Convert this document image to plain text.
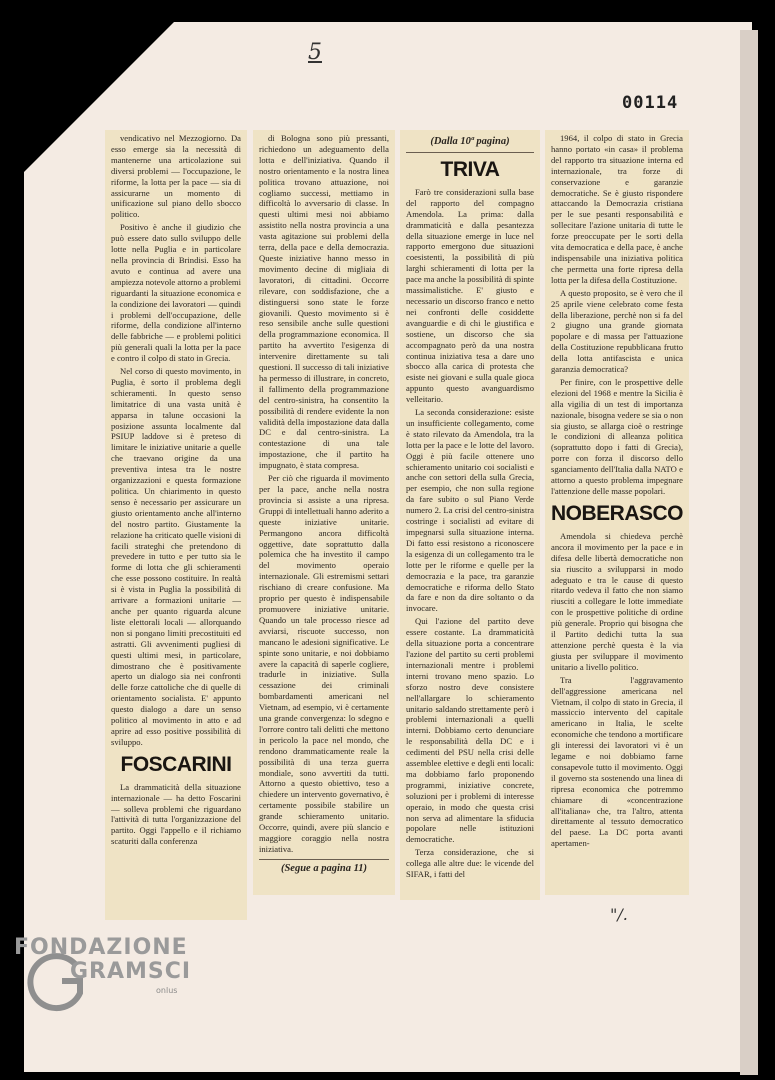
5
00114

vendicativo nel Mezzogiorno. Da esso emerge sia la necessità di mantenerne una articolazione sui diversi problemi — l'occupazione, le riforme, la lotta per la pace — sia di assicurarne un momento di unificazione sul piano dello sbocco politico.

Positivo è anche il giudizio che può essere dato sullo sviluppo delle lotte nella Puglia e in particolare nella provincia di Brindisi. Esso ha avuto e continua ad avere una ampiezza notevole attorno a problemi riguardanti la situazione economica e la condizione dei lavoratori — quindi i problemi dell'occupazione, delle riforme, della condizione all'interno delle fabbriche — e problemi politici più generali quali la lotta per la pace e contro il colpo di stato in Grecia.

Nel corso di questo movimento, in Puglia, è sorto il problema degli schieramenti. In questo senso limitatrice di una vasta unità è apparsa in talune occasioni la posizione assunta localmente dal PSIUP laddove si è preteso di limitare le iniziative unitarie a quelle che traevano origine da una preventiva intesa tra le nostre organizzazioni e questa formazione politica. Un chiarimento in questo senso è necessario per assicurare un giusto orientamento anche all'interno del nostro partito. Giustamente la relazione ha criticato quelle visioni di facili strateghi che pretendono di prevedere in tutto e per tutto sia le forme di lotta che gli schieramenti che esse possono costituire. In realtà si è vista in Puglia la possibilità di arrivare a formazioni unitarie — anche per quanto riguarda alcune liste elettorali locali — allorquando non si pongano limiti precostituiti ed astratti. Gli avvenimenti pugliesi di questi ultimi mesi, in particolare, dimostrano che è positivamente aperto un dialogo sia nei confronti delle forze cattoliche che di quelle di orientamento socialista. E' appunto questo dialogo a dare un senso politico al movimento in atto e ad aprire ad esso positive possibilità di sviluppo.

FOSCARINI

La drammaticità della situazione internazionale — ha detto Foscarini — solleva problemi che riguardano l'attività di tutta l'organizzazione del partito. Oggi l'appello e il richiamo scaturiti dalla conferenza

di Bologna sono più pressanti, richiedono un adeguamento della lotta e dell'iniziativa. Quando il nostro orientamento e la nostra linea politica trovano attuazione, noi cogliamo successi, mettiamo in difficoltà lo avversario di classe. In questi ultimi mesi noi abbiamo assistito nella nostra provincia a una vasta agitazione sui problemi della terra, della pace e della democrazia. Queste iniziative hanno messo in movimento decine di migliaia di lavoratori, di cittadini. Occorre rilevare, con soddisfazione, che a distinguersi sono state le forze giovanili. Questo movimento si è reso sensibile anche sulle questioni della programmazione economica. Il partito ha avvertito l'esigenza di intervenire direttamente su tali questioni. Il successo di tali iniziative ha permesso di illustrare, in concreto, il fallimento della programmazione del centro-sinistra, ha consentito la possibilità di rendere evidente la non validità della impostazione data dalla DC e dal centro-sinistra. La contestazione di una tale impostazione, che il partito ha impugnato, è stata compresa.

Per ciò che riguarda il movimento per la pace, anche nella nostra provincia si assiste a una ripresa. Gruppi di intellettuali hanno aderito a queste iniziative unitarie. Permangono ancora difficoltà oggettive, date soprattutto dalla polemica che ha investito il campo del movimento operaio internazionale. Gli estremismi settari rischiano di creare confusione. Ma proprio per questo è indispensabile promuovere iniziative unitarie. Quando un tale processo riesce ad avviarsi, riscuote successo, non mancano le adesioni significative. Le spinte sono unitarie, e noi dobbiamo avere la capacità di saperle cogliere, tradurle in iniziative. Sulla cessazione dei criminali bombardamenti americani nel Vietnam, ad esempio, vi è certamente una grande convergenza: lo sdegno e l'orrore contro tali delitti che mettono in pericolo la pace nel mondo, che rendono drammaticamente reale la possibilità di una terza guerra mondiale, sono avvertiti da tutti. Attorno a questo obiettivo, teso a chiedere un intervento governativo, è certamente possibile stabilire un grande schieramento unitario. Occorre, quindi, avere più slancio e maggiore coraggio nella nostra iniziativa.

(Segue a pagina 11)

(Dalla 10ª pagina)

TRIVA

Farò tre considerazioni sulla base del rapporto del compagno Amendola. La prima: dalla drammaticità e dalla pesantezza della situazione emerge in luce nel rapporto emergono due situazioni coesistenti, la possibilità di più larghi schieramenti di lotta per la pace ma anche la possibilità di spinte massimalistiche. E' giusto e necessario un discorso franco e netto nei confronti delle cosiddette avanguardie e di chi le giustifica e sostiene, un discorso che sia accompagnato però da una nostra continua iniziativa tesa a dare uno sbocco alla carica di protesta che esiste nei giovani e sulla quale gioca appunto questo avanguardismo velleitario.

La seconda considerazione: esiste un insufficiente collegamento, come è stato rilevato da Amendola, tra la lotta per la pace e le lotte del lavoro. Oggi è più facile ottenere uno schieramento unitario coi socialisti e anche con settori della sulla Grecia, per esempio, che non sulla regione da fare subito o sul Piano Verde numero 2. La crisi del centro-sinistra costringe i socialisti ad evitare di impegnarsi sulla situazione interna. Di fatto essi resistono a riconoscere la esigenza di un collegamento tra le lotte per le riforme e quelle per la democrazia e la pace, tra garanzie democratiche e riforma dello Stato da fare e non da dire soltanto o da invocare.

Qui l'azione del partito deve essere costante. La drammaticità della situazione porta a concentrare l'azione del partito su certi problemi internazionali mentre i problemi interni trovano meno spazio. Lo sforzo nostro deve consistere nell'allargare lo schieramento unitario saldando strettamente però i problemi internazionali a quelli interni. Dobbiamo certo denunciare le responsabilità della DC e i cedimenti del PSU nella crisi delle assemblee elettive e degli enti locali: ma dobbiamo farlo proponendo programmi, iniziative concrete, soluzioni per i problemi di interesse operaio, in modo che questa crisi non serva ad alimentare la sfiducia popolare nelle istituzioni democratiche.

Terza considerazione, che si collega alle altre due: le vicende del SIFAR, i fatti del

1964, il colpo di stato in Grecia hanno portato «in casa» il problema del rapporto tra situazione interna ed internazionale, tra forze di conservazione e garanzie democratiche. Se è giusto rispondere attaccando la Democrazia cristiana per le sue pesanti responsabilità e sollecitare l'azione unitaria di tutte le forze preoccupate per le sorti della vita democratica e della pace, è anche indispensabile una iniziativa politica che permetta una forte ripresa della lotta per la difesa della Costituzione.

A questo proposito, se è vero che il 25 aprile viene celebrato come festa della liberazione, perchè non si fa del 2 giugno una grande giornata popolare e di massa per l'attuazione della Costituzione repubblicana frutto della lotta antifascista e unica garanzia democratica?

Per finire, con le prospettive delle elezioni del 1968 e mentre la Sicilia è alla vigilia di un test di importanza nazionale, bisogna vedere se sia o non sia giusto, se allarga cioè o restringe le condizioni di alleanza politica (soprattutto dopo i fatti di Grecia), porre con forza il discorso dello sganciamento dell'Italia dalla NATO e attorno a questo problema impegnare l'attenzione delle masse popolari.

NOBERASCO

Amendola si chiedeva perchè ancora il movimento per la pace e in difesa delle libertà democratiche non sia riuscito a svilupparsi in modo adeguato e tra le cause di questo ritardo vedeva il fatto che non siamo riusciti a collegare le lotte immediate con le prospettive politiche di ordine più generale. Proprio qui bisogna che il Partito dedichi tutta la sua attenzione perchè questa è la via giusta per sviluppare il movimento unitario a livello politico.

Tra l'aggravamento dell'aggressione americana nel Vietnam, il colpo di stato in Grecia, il massiccio intervento del capitale americano in Italia, le scelte economiche che tendono a mortificare gli interessi dei lavoratori vi è un legame e noi dobbiamo farne consapevole tutto il movimento. Oggi il governo sta sostenendo una linea di ripresa economica che potremmo chiamare di «concentrazione all'italiana» che, tra l'altro, attenta direttamente al tessuto democratico del paese. La DC porta avanti apertamen-

"/.
FONDAZIONE
GRAMSCI
onlus
